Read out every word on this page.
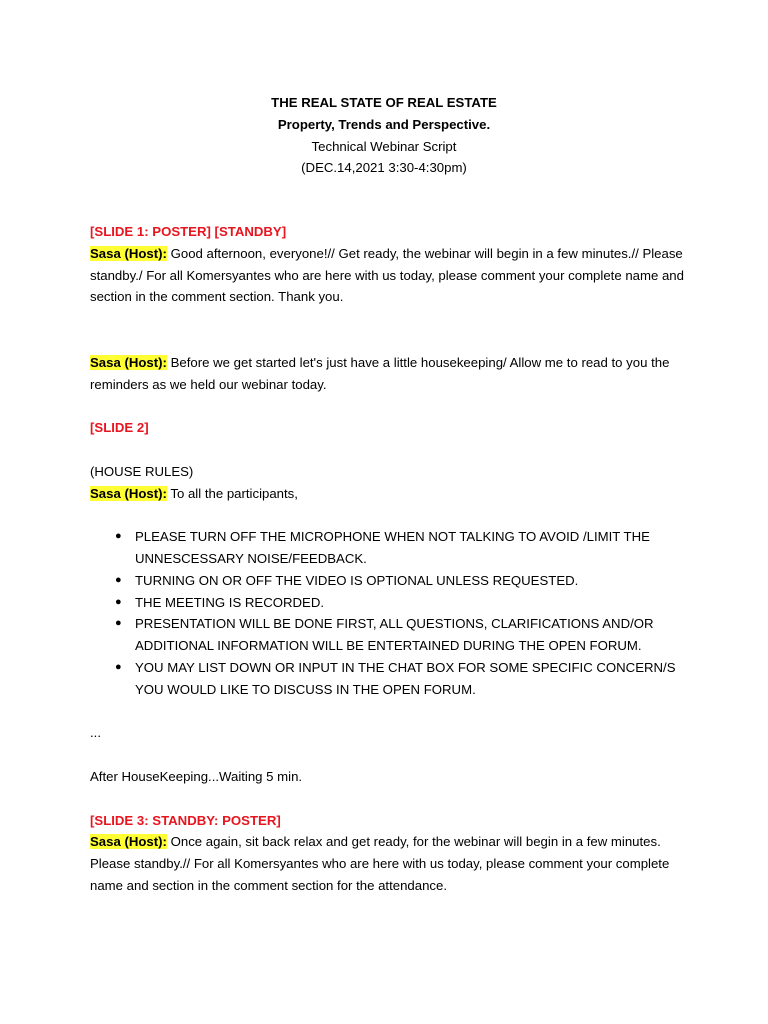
THE REAL STATE OF REAL ESTATE
Property, Trends and Perspective.
Technical Webinar Script
(DEC.14,2021 3:30-4:30pm)

[SLIDE 1: POSTER] [STANDBY]

Sasa (Host): Good afternoon, everyone!// Get ready, the webinar will begin in a few minutes.// Please standby./ For all Komersyantes who are here with us today, please comment your complete name and section in the comment section. Thank you.

Sasa (Host): Before we get started let's just have a little housekeeping/ Allow me to read to you the reminders as we held our webinar today.

[SLIDE 2]

(HOUSE RULES)

Sasa (Host): To all the participants,

● PLEASE TURN OFF THE MICROPHONE WHEN NOT TALKING TO AVOID /LIMIT THE UNNESCESSARY NOISE/FEEDBACK.
● TURNING ON OR OFF THE VIDEO IS OPTIONAL UNLESS REQUESTED.
● THE MEETING IS RECORDED.
● PRESENTATION WILL BE DONE FIRST, ALL QUESTIONS, CLARIFICATIONS AND/OR ADDITIONAL INFORMATION WILL BE ENTERTAINED DURING THE OPEN FORUM.
● YOU MAY LIST DOWN OR INPUT IN THE CHAT BOX FOR SOME SPECIFIC CONCERN/S YOU WOULD LIKE TO DISCUSS IN THE OPEN FORUM.

...

After HouseKeeping...Waiting 5 min.

[SLIDE 3: STANDBY: POSTER]

Sasa (Host): Once again, sit back relax and get ready, for the webinar will begin in a few minutes. Please standby.// For all Komersyantes who are here with us today, please comment your complete name and section in the comment section for the attendance.
